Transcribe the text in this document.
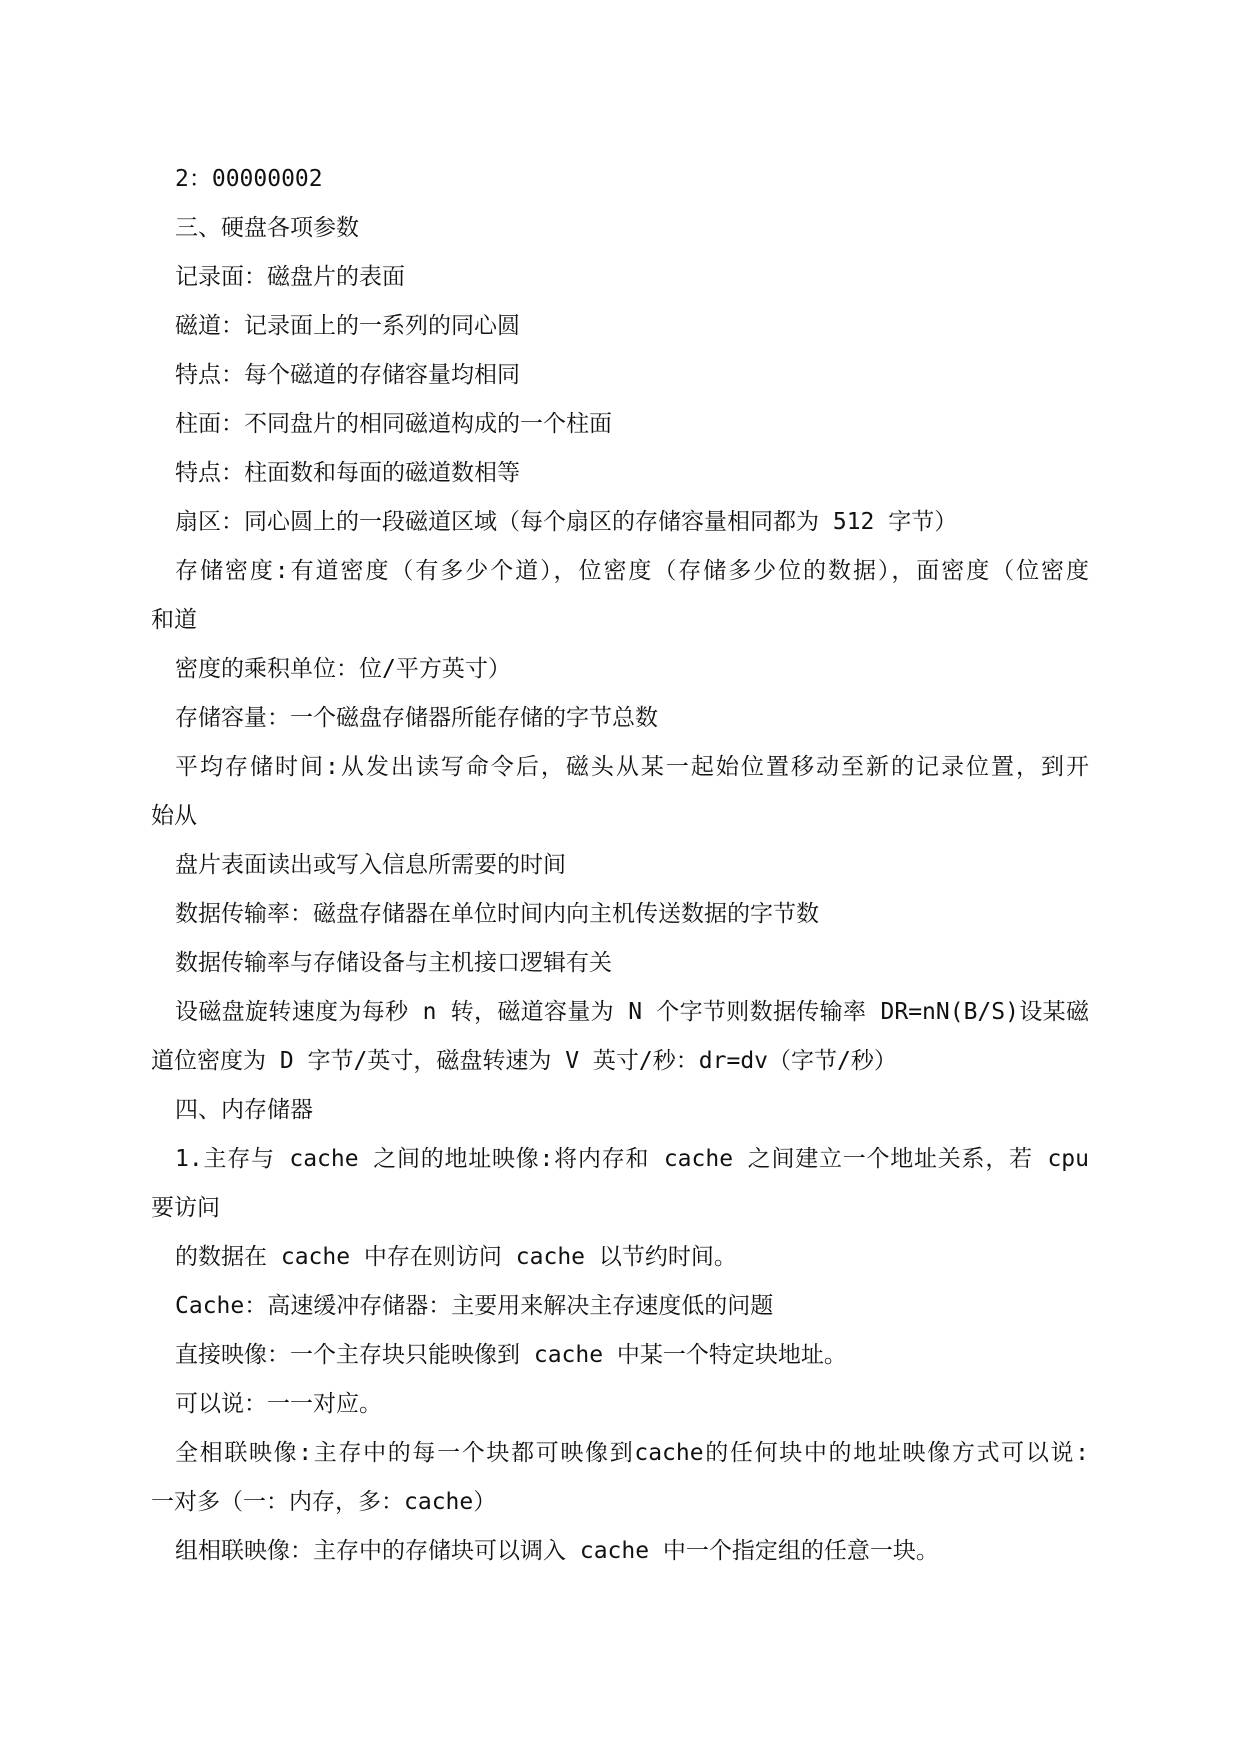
2：00000002
三、硬盘各项参数
记录面：磁盘片的表面
磁道：记录面上的一系列的同心圆
特点：每个磁道的存储容量均相同
柱面：不同盘片的相同磁道构成的一个柱面
特点：柱面数和每面的磁道数相等
扇区：同心圆上的一段磁道区域（每个扇区的存储容量相同都为 512 字节）
存储密度:有道密度（有多少个道），位密度（存储多少位的数据），面密度（位密度
和道
密度的乘积单位：位/平方英寸）
存储容量：一个磁盘存储器所能存储的字节总数
平均存储时间:从发出读写命令后，磁头从某一起始位置移动至新的记录位置，到开
始从
盘片表面读出或写入信息所需要的时间
数据传输率：磁盘存储器在单位时间内向主机传送数据的字节数
数据传输率与存储设备与主机接口逻辑有关
设磁盘旋转速度为每秒 n 转，磁道容量为 N 个字节则数据传输率 DR=nN(B/S)设某磁
道位密度为 D 字节/英寸，磁盘转速为 V 英寸/秒：dr=dv（字节/秒）
四、内存储器
1.主存与 cache 之间的地址映像:将内存和 cache 之间建立一个地址关系，若 cpu
要访问
的数据在 cache 中存在则访问 cache 以节约时间。
Cache：高速缓冲存储器：主要用来解决主存速度低的问题
直接映像：一个主存块只能映像到 cache 中某一个特定块地址。
可以说：一一对应。
全相联映像:主存中的每一个块都可映像到cache的任何块中的地址映像方式可以说:
一对多（一：内存，多：cache）
组相联映像：主存中的存储块可以调入 cache 中一个指定组的任意一块。
